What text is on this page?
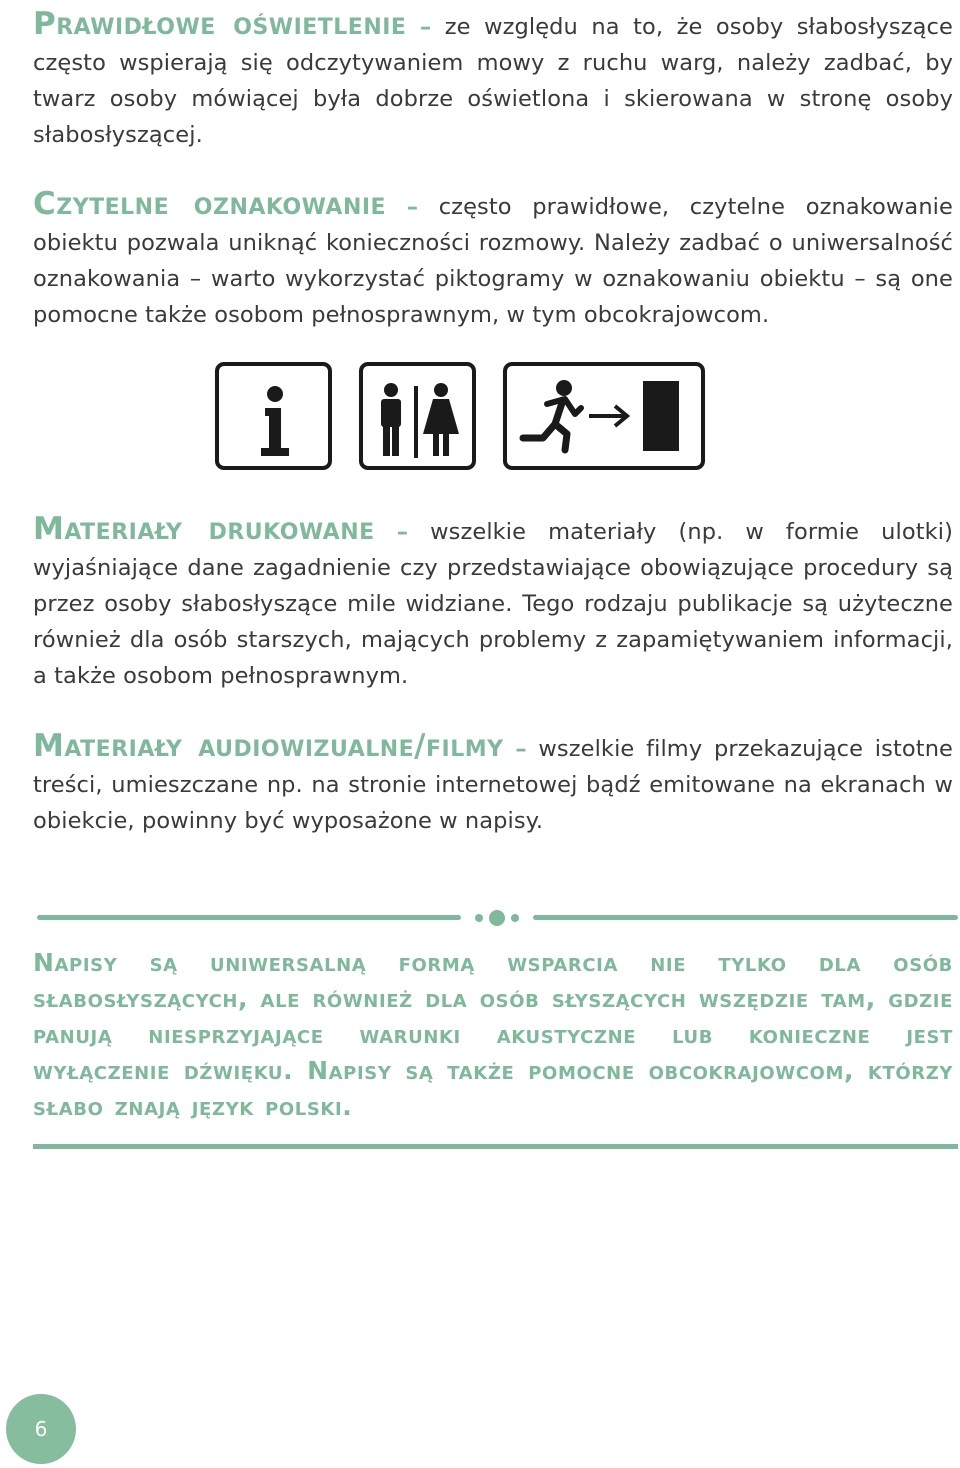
Prawidłowe oświetlenie – ze względu na to, że osoby słabosłyszące często wspierają się odczytywaniem mowy z ruchu warg, należy zadbać, by twarz osoby mówiącej była dobrze oświetlona i skierowana w stronę osoby słabosłyszącej.
Czytelne oznakowanie – często prawidłowe, czytelne oznakowanie obiektu pozwala uniknąć konieczności rozmowy. Należy zadbać o uniwersalność oznakowania – warto wykorzystać piktogramy w oznakowaniu obiektu – są one pomocne także osobom pełnosprawnym, w tym obcokrajowcom.
Materiały drukowane – wszelkie materiały (np. w formie ulotki) wyjaśniające dane zagadnienie czy przedstawiające obowiązujące procedury są przez osoby słabosłyszące mile widziane. Tego rodzaju publikacje są użyteczne również dla osób starszych, mających problemy z zapamiętywaniem informacji, a także osobom pełnosprawnym.
Materiały audiowizualne/filmy – wszelkie filmy przekazujące istotne treści, umieszczane np. na stronie internetowej bądź emitowane na ekranach w obiekcie, powinny być wyposażone w napisy.
Napisy są uniwersalną formą wsparcia nie tylko dla osób słabosłyszących, ale również dla osób słyszących wszędzie tam, gdzie panują niesprzyjające warunki akustyczne lub konieczne jest wyłączenie dźwięku. Napisy są także pomocne obcokrajowcom, którzy słabo znają język polski.
6
